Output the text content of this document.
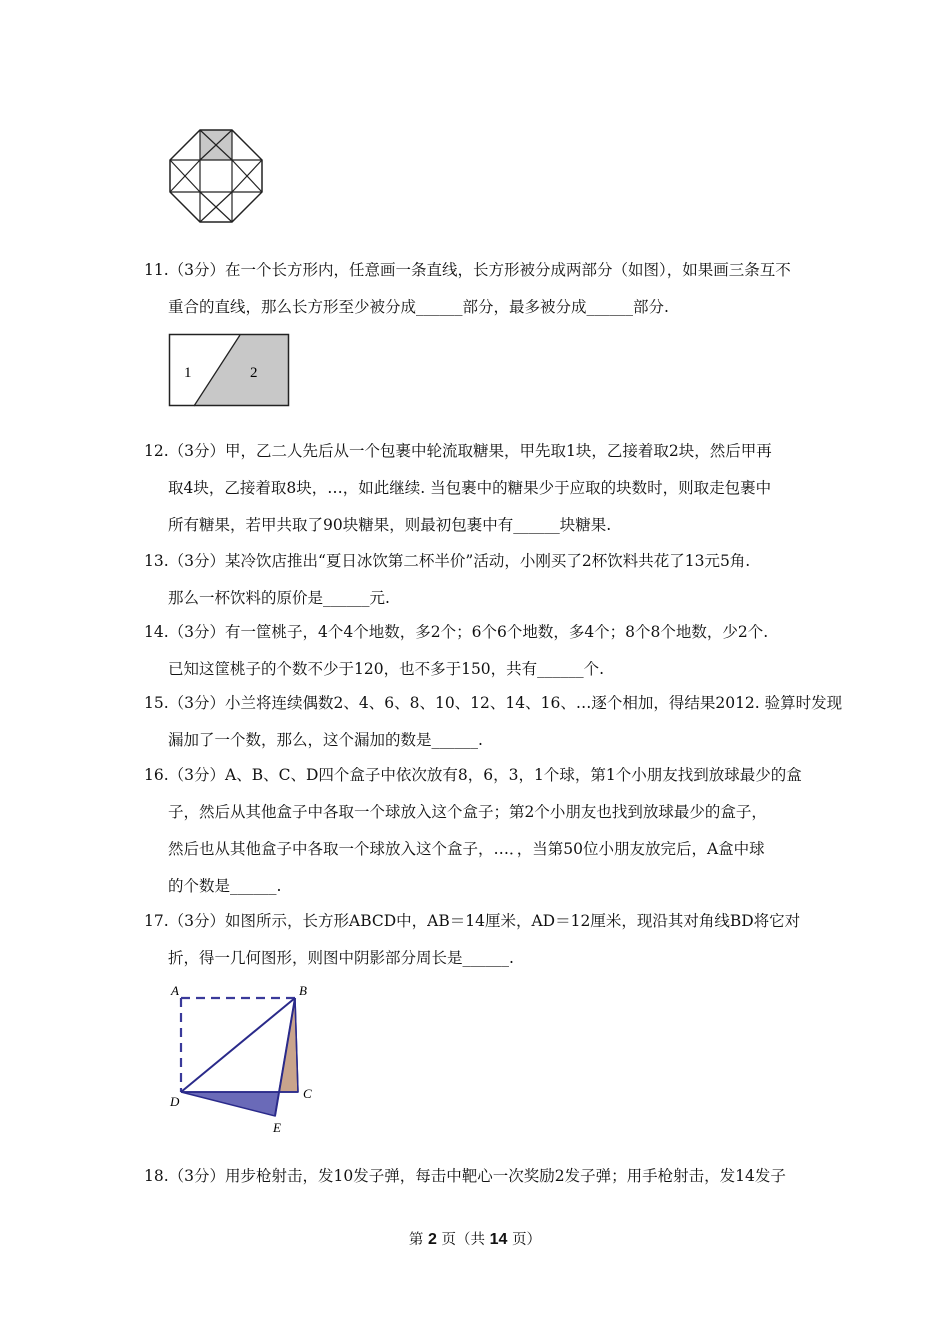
11.（3分）在一个长方形内，任意画一条直线，长方形被分成两部分（如图），如果画三条互不
重合的直线，那么长方形至少被分成______部分，最多被分成______部分.
1	2
12.（3分）甲，乙二人先后从一个包裹中轮流取糖果，甲先取1块，乙接着取2块，然后甲再
取4块，乙接着取8块，…，如此继续. 当包裹中的糖果少于应取的块数时，则取走包裹中
所有糖果，若甲共取了90块糖果，则最初包裹中有______块糖果.
13.（3分）某冷饮店推出“夏日冰饮第二杯半价”活动，小刚买了2杯饮料共花了13元5角.
那么一杯饮料的原价是______元.
14.（3分）有一筐桃子，4个4个地数，多2个；6个6个地数，多4个；8个8个地数，少2个.
已知这筐桃子的个数不少于120，也不多于150，共有______个.
15.（3分）小兰将连续偶数2、4、6、8、10、12、14、16、…逐个相加，得结果2012. 验算时发现
漏加了一个数，那么，这个漏加的数是______.
16.（3分）A、B、C、D四个盒子中依次放有8，6，3，1个球，第1个小朋友找到放球最少的盒
子，然后从其他盒子中各取一个球放入这个盒子；第2个小朋友也找到放球最少的盒子，
然后也从其他盒子中各取一个球放入这个盒子，…．，当第50位小朋友放完后，A盒中球
的个数是______.
17.（3分）如图所示，长方形ABCD中，AB＝14厘米，AD＝12厘米，现沿其对角线BD将它对
折，得一几何图形，则图中阴影部分周长是______.
A	B
C
D
E
18.（3分）用步枪射击，发10发子弹，每击中靶心一次奖励2发子弹；用手枪射击，发14发子
第 2 页（共 14 页）
